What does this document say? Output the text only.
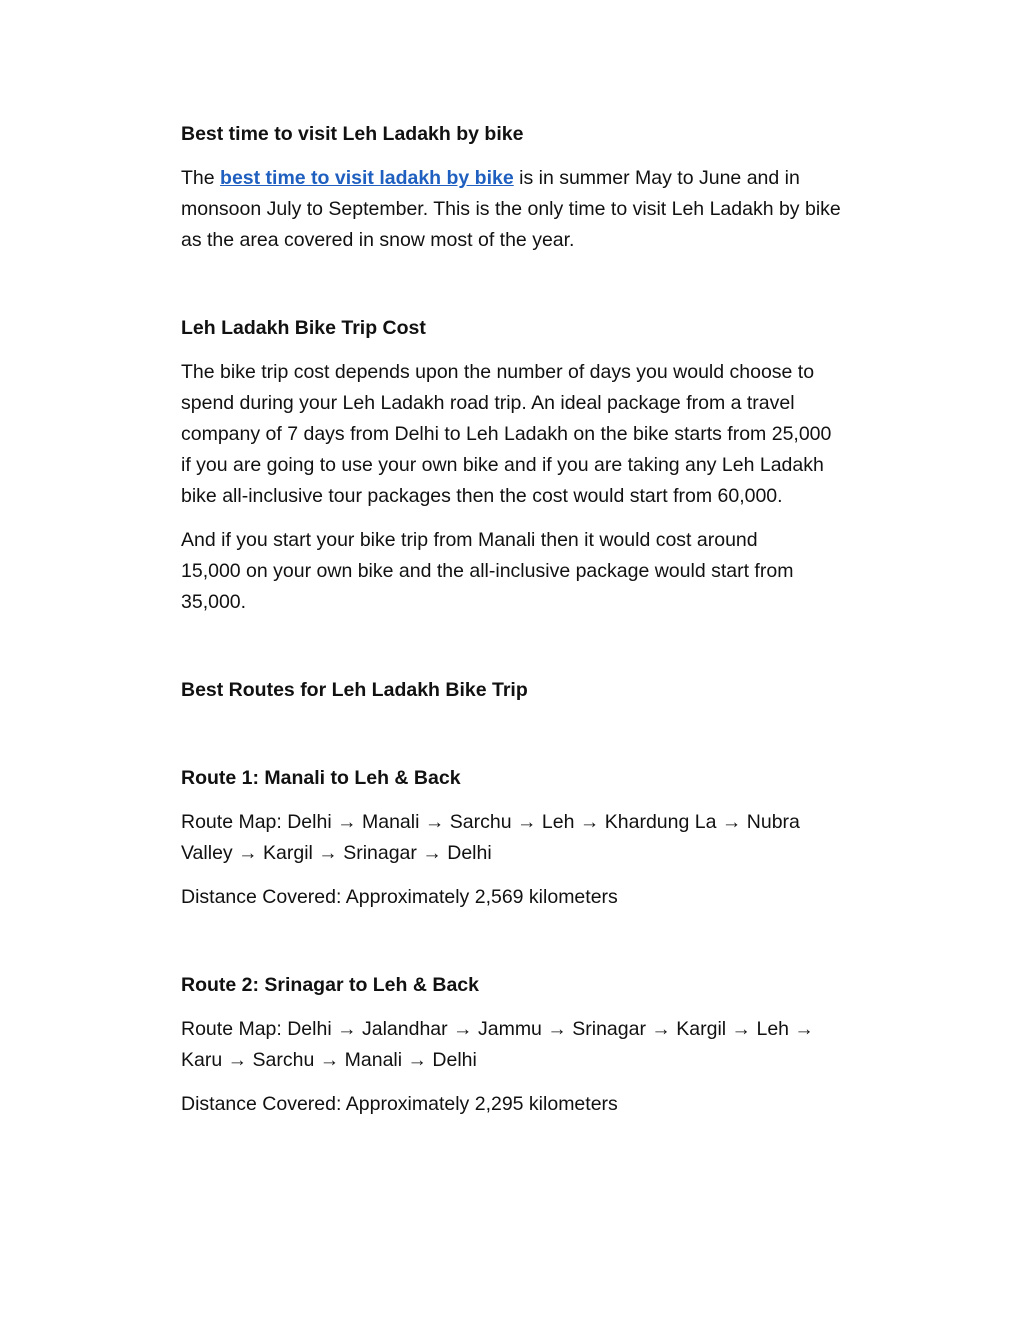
Best time to visit Leh Ladakh by bike

The best time to visit ladakh by bike is in summer May to June and in
monsoon July to September. This is the only time to visit Leh Ladakh by bike
as the area covered in snow most of the year.

Leh Ladakh Bike Trip Cost

The bike trip cost depends upon the number of days you would choose to
spend during your Leh Ladakh road trip. An ideal package from a travel
company of 7 days from Delhi to Leh Ladakh on the bike starts from 25,000
if you are going to use your own bike and if you are taking any Leh Ladakh
bike all-inclusive tour packages then the cost would start from 60,000.

And if you start your bike trip from Manali then it would cost around
15,000 on your own bike and the all-inclusive package would start from
35,000.

Best Routes for Leh Ladakh Bike Trip

Route 1: Manali to Leh & Back

Route Map: Delhi → Manali → Sarchu → Leh → Khardung La → Nubra
Valley → Kargil → Srinagar → Delhi

Distance Covered: Approximately 2,569 kilometers

Route 2: Srinagar to Leh & Back

Route Map: Delhi → Jalandhar → Jammu → Srinagar → Kargil → Leh →
Karu → Sarchu → Manali → Delhi

Distance Covered: Approximately 2,295 kilometers
